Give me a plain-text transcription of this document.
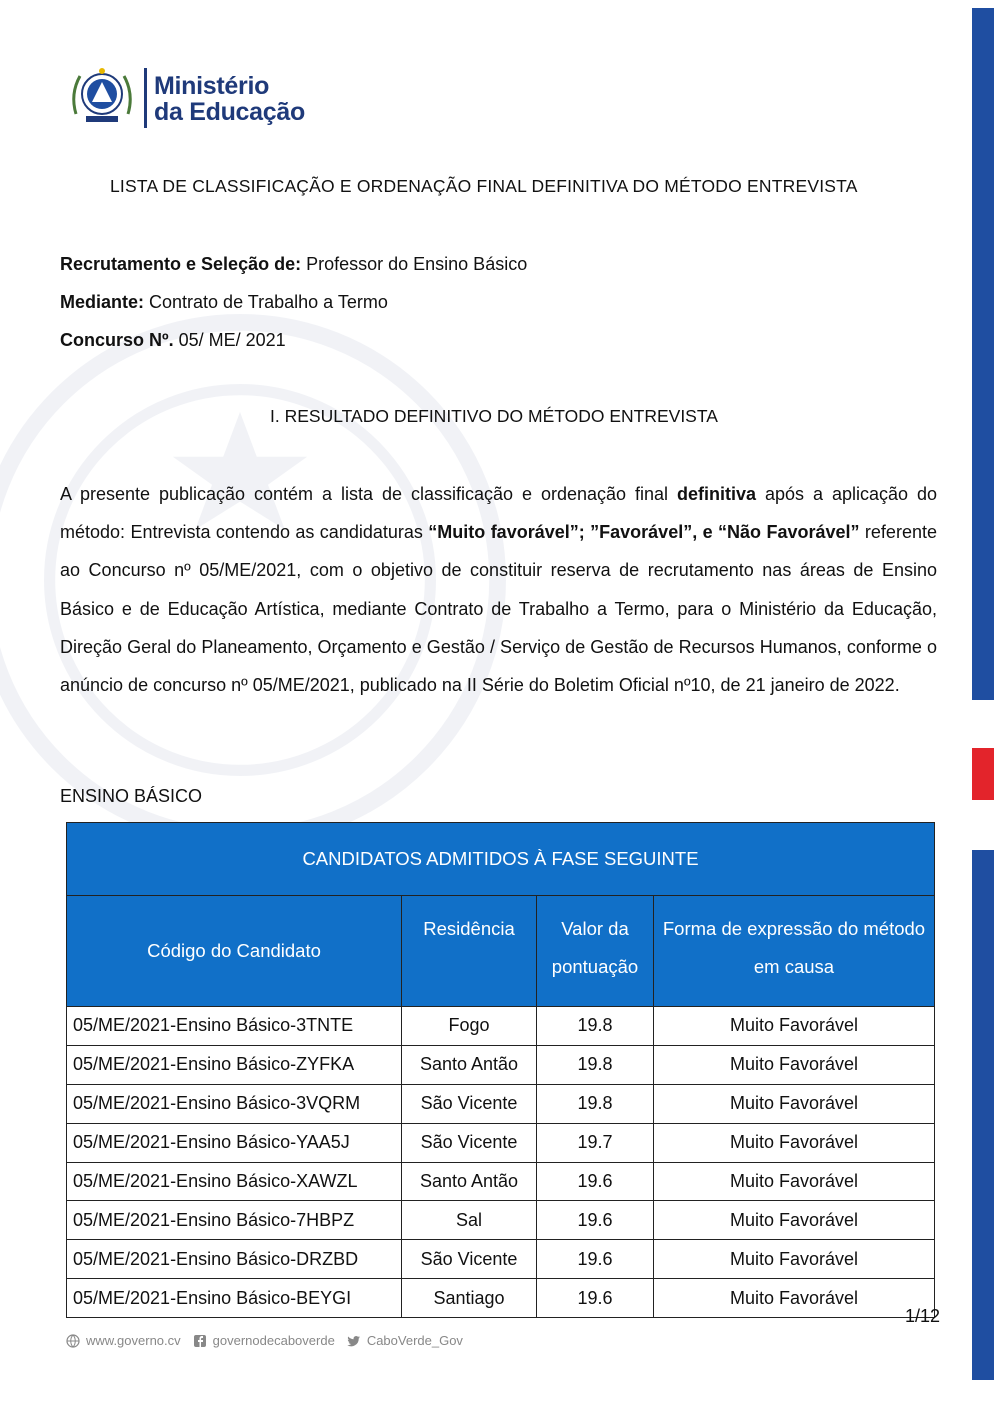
Ministério
da Educação
LISTA DE CLASSIFICAÇÃO E ORDENAÇÃO FINAL DEFINITIVA DO MÉTODO ENTREVISTA
Recrutamento e Seleção de: Professor do Ensino Básico
Mediante: Contrato de Trabalho a Termo
Concurso Nº. 05/ ME/ 2021
I. RESULTADO DEFINITIVO DO MÉTODO ENTREVISTA

A presente publicação contém a lista de classificação e ordenação final definitiva após a aplicação do método: Entrevista contendo as candidaturas “Muito favorável”; ”Favorável”, e “Não Favorável” referente ao Concurso nº 05/ME/2021, com o objetivo de constituir reserva de recrutamento nas áreas de Ensino Básico e de Educação Artística, mediante Contrato de Trabalho a Termo, para o Ministério da Educação, Direção Geral do Planeamento, Orçamento e Gestão / Serviço de Gestão de Recursos Humanos, conforme o anúncio de concurso nº 05/ME/2021, publicado na II Série do Boletim Oficial nº10, de 21 janeiro de 2022.

ENSINO BÁSICO
CANDIDATOS ADMITIDOS À FASE SEGUINTE			
Código do Candidato	Residência	Valor da pontuação	Forma de expressão do método em causa
05/ME/2021-Ensino Básico-3TNTE	Fogo	19.8	Muito Favorável
05/ME/2021-Ensino Básico-ZYFKA	Santo Antão	19.8	Muito Favorável
05/ME/2021-Ensino Básico-3VQRM	São Vicente	19.8	Muito Favorável
05/ME/2021-Ensino Básico-YAA5J	São Vicente	19.7	Muito Favorável
05/ME/2021-Ensino Básico-XAWZL	Santo Antão	19.6	Muito Favorável
05/ME/2021-Ensino Básico-7HBPZ	Sal	19.6	Muito Favorável
05/ME/2021-Ensino Básico-DRZBD	São Vicente	19.6	Muito Favorável
05/ME/2021-Ensino Básico-BEYGI	Santiago	19.6	Muito Favorável
1/12
www.governo.cv governodecaboverde CaboVerde_Gov
